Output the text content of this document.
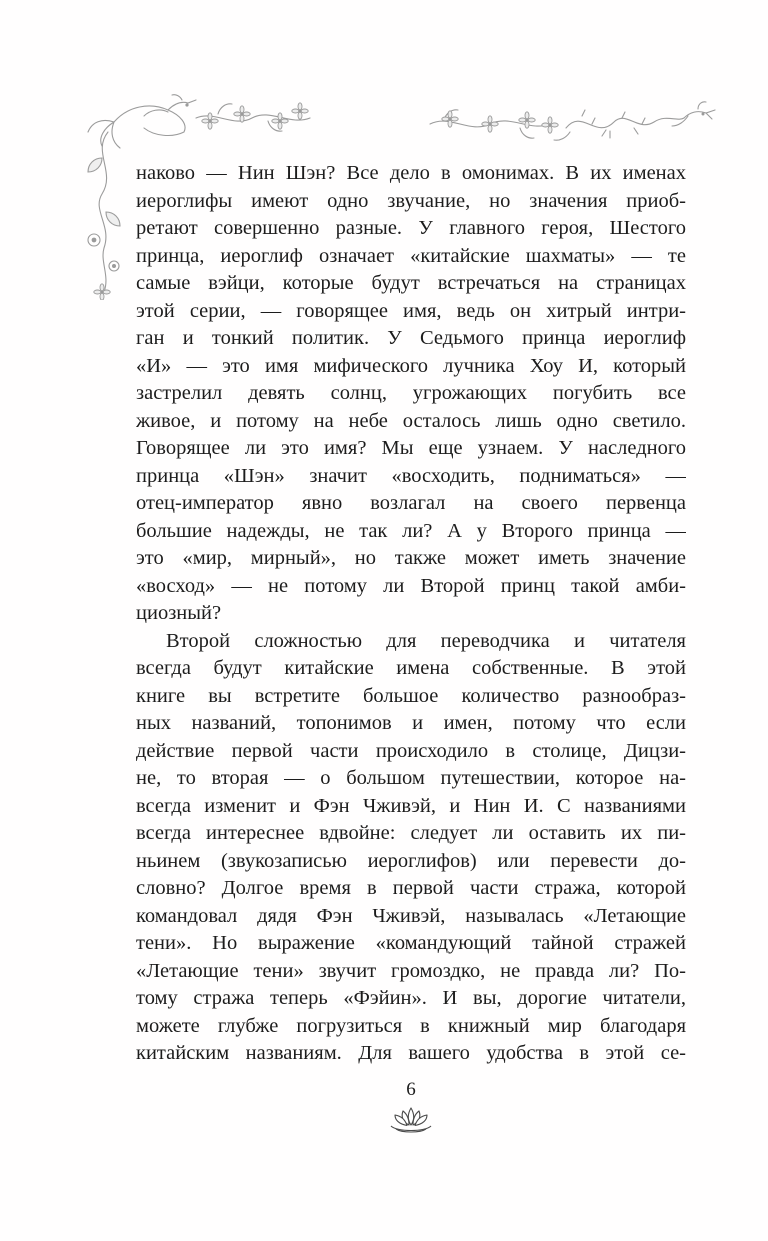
наково — Нин Шэн? Все дело в омонимах. В их именах
иероглифы имеют одно звучание, но значения приоб-
ретают совершенно разные. У главного героя, Шестого
принца, иероглиф означает «китайские шахматы» — те
самые вэйци, которые будут встречаться на страницах
этой серии, — говорящее имя, ведь он хитрый интри-
ган и тонкий политик. У Седьмого принца иероглиф
«И» — это имя мифического лучника Хоу И, который
застрелил девять солнц, угрожающих погубить все
живое, и потому на небе осталось лишь одно светило.
Говорящее ли это имя? Мы еще узнаем. У наследного
принца «Шэн» значит «восходить, подниматься» —
отец-император явно возлагал на своего первенца
большие надежды, не так ли? А у Второго принца —
это «мир, мирный», но также может иметь значение
«восход» — не потому ли Второй принц такой амби-
циозный?
Второй сложностью для переводчика и читателя
всегда будут китайские имена собственные. В этой
книге вы встретите большое количество разнообраз-
ных названий, топонимов и имен, потому что если
действие первой части происходило в столице, Дицзи-
не, то вторая — о большом путешествии, которое на-
всегда изменит и Фэн Чживэй, и Нин И. С названиями
всегда интереснее вдвойне: следует ли оставить их пи-
ньинем (звукозаписью иероглифов) или перевести до-
словно? Долгое время в первой части стража, которой
командовал дядя Фэн Чживэй, называлась «Летающие
тени». Но выражение «командующий тайной стражей
«Летающие тени» звучит громоздко, не правда ли? По-
тому стража теперь «Фэйин». И вы, дорогие читатели,
можете глубже погрузиться в книжный мир благодаря
китайским названиям. Для вашего удобства в этой се-
6
